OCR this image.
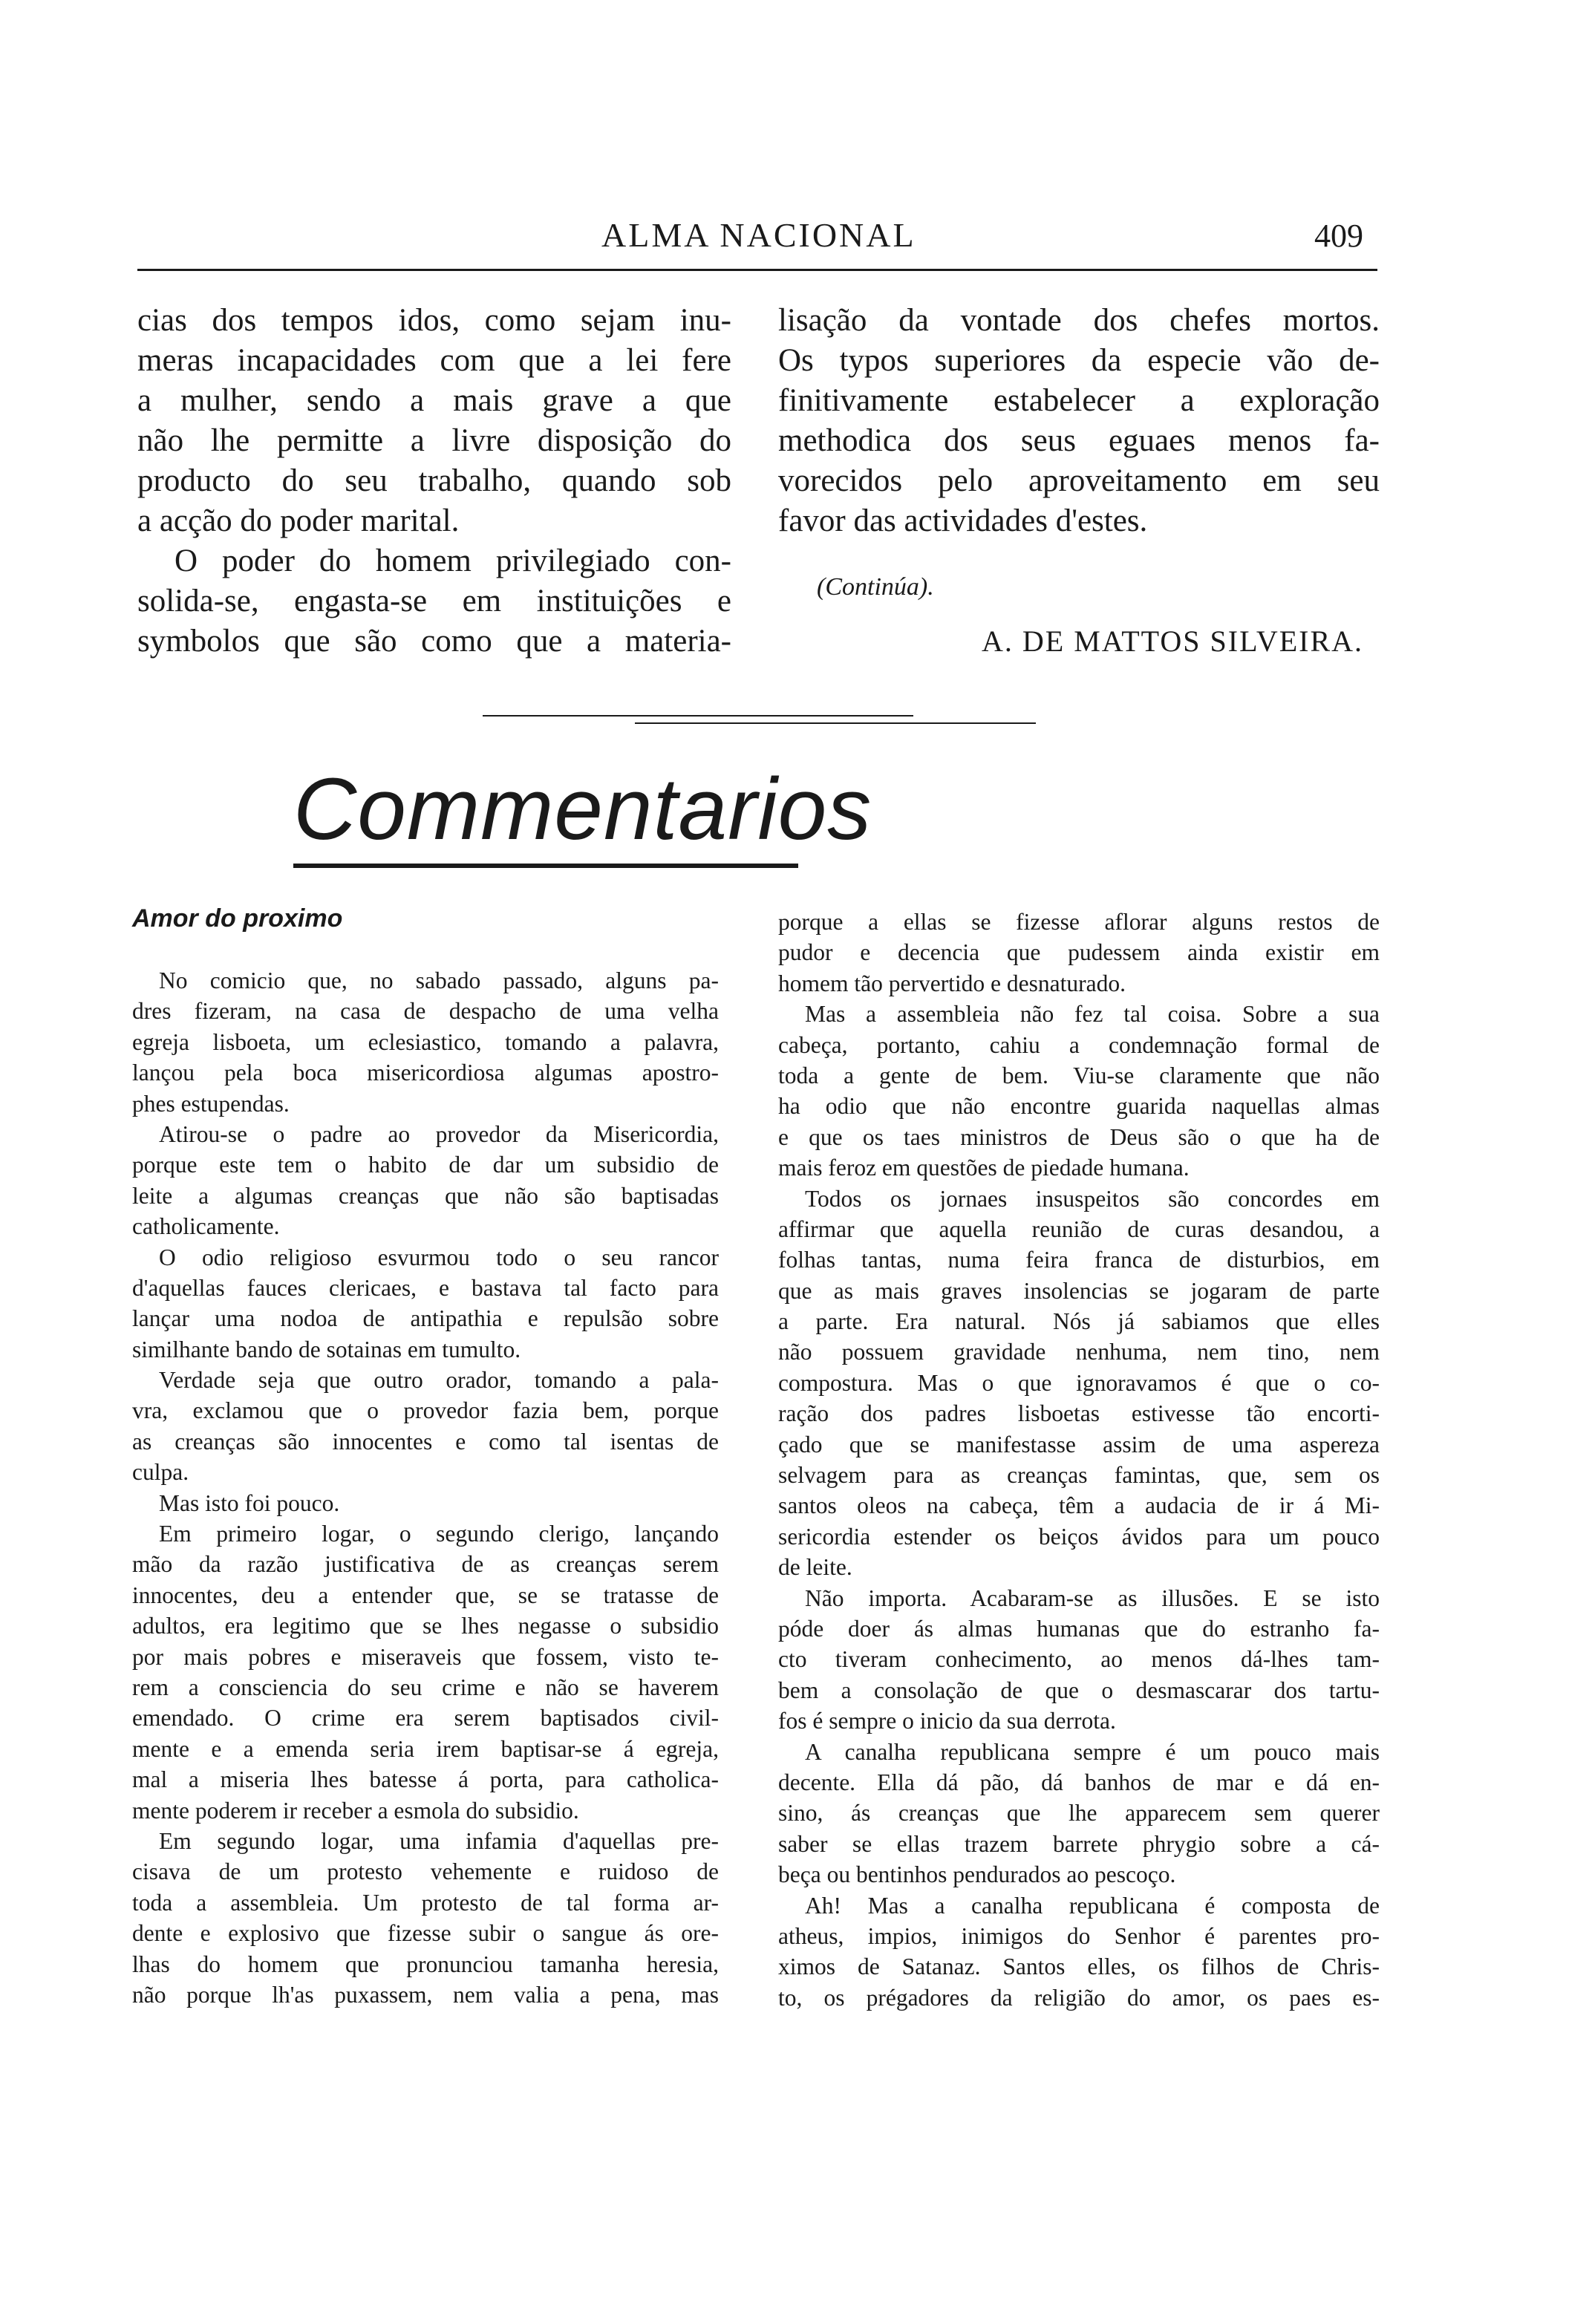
ALMA NACIONAL	409
cias dos tempos idos, como sejam inu-
meras incapacidades com que a lei fere
a mulher, sendo a mais grave a que
não lhe permitte a livre disposição do
producto do seu trabalho, quando sob
a acção do poder marital.
O poder do homem privilegiado con-
solida-se, engasta-se em instituições e
symbolos que são como que a materia-
lisação da vontade dos chefes mortos.
Os typos superiores da especie vão de-
finitivamente estabelecer a exploração
methodica dos seus eguaes menos fa-
vorecidos pelo aproveitamento em seu
favor das actividades d'estes.
(Continúa).
A. DE MATTOS SILVEIRA.
Commentarios
Amor do proximo
No comicio que, no sabado passado, alguns pa-
dres fizeram, na casa de despacho de uma velha
egreja lisboeta, um eclesiastico, tomando a palavra,
lançou pela boca misericordiosa algumas apostro-
phes estupendas.
Atirou-se o padre ao provedor da Misericordia,
porque este tem o habito de dar um subsidio de
leite a algumas creanças que não são baptisadas
catholicamente.
O odio religioso esvurmou todo o seu rancor
d'aquellas fauces clericaes, e bastava tal facto para
lançar uma nodoa de antipathia e repulsão sobre
similhante bando de sotainas em tumulto.
Verdade seja que outro orador, tomando a pala-
vra, exclamou que o provedor fazia bem, porque
as creanças são innocentes e como tal isentas de
culpa.
Mas isto foi pouco.
Em primeiro logar, o segundo clerigo, lançando
mão da razão justificativa de as creanças serem
innocentes, deu a entender que, se se tratasse de
adultos, era legitimo que se lhes negasse o subsidio
por mais pobres e miseraveis que fossem, visto te-
rem a consciencia do seu crime e não se haverem
emendado. O crime era serem baptisados civil-
mente e a emenda seria irem baptisar-se á egreja,
mal a miseria lhes batesse á porta, para catholica-
mente poderem ir receber a esmola do subsidio.
Em segundo logar, uma infamia d'aquellas pre-
cisava de um protesto vehemente e ruidoso de
toda a assembleia. Um protesto de tal forma ar-
dente e explosivo que fizesse subir o sangue ás ore-
lhas do homem que pronunciou tamanha heresia,
não porque lh'as puxassem, nem valia a pena, mas
porque a ellas se fizesse aflorar alguns restos de
pudor e decencia que pudessem ainda existir em
homem tão pervertido e desnaturado.
Mas a assembleia não fez tal coisa. Sobre a sua
cabeça, portanto, cahiu a condemnação formal de
toda a gente de bem. Viu-se claramente que não
ha odio que não encontre guarida naquellas almas
e que os taes ministros de Deus são o que ha de
mais feroz em questões de piedade humana.
Todos os jornaes insuspeitos são concordes em
affirmar que aquella reunião de curas desandou, a
folhas tantas, numa feira franca de disturbios, em
que as mais graves insolencias se jogaram de parte
a parte. Era natural. Nós já sabiamos que elles
não possuem gravidade nenhuma, nem tino, nem
compostura. Mas o que ignoravamos é que o co-
ração dos padres lisboetas estivesse tão encorti-
çado que se manifestasse assim de uma aspereza
selvagem para as creanças famintas, que, sem os
santos oleos na cabeça, têm a audacia de ir á Mi-
sericordia estender os beiços ávidos para um pouco
de leite.
Não importa. Acabaram-se as illusões. E se isto
póde doer ás almas humanas que do estranho fa-
cto tiveram conhecimento, ao menos dá-lhes tam-
bem a consolação de que o desmascarar dos tartu-
fos é sempre o inicio da sua derrota.
A canalha republicana sempre é um pouco mais
decente. Ella dá pão, dá banhos de mar e dá en-
sino, ás creanças que lhe apparecem sem querer
saber se ellas trazem barrete phrygio sobre a cá-
beça ou bentinhos pendurados ao pescoço.
Ah! Mas a canalha republicana é composta de
atheus, impios, inimigos do Senhor é parentes pro-
ximos de Satanaz. Santos elles, os filhos de Chris-
to, os prégadores da religião do amor, os paes es-
